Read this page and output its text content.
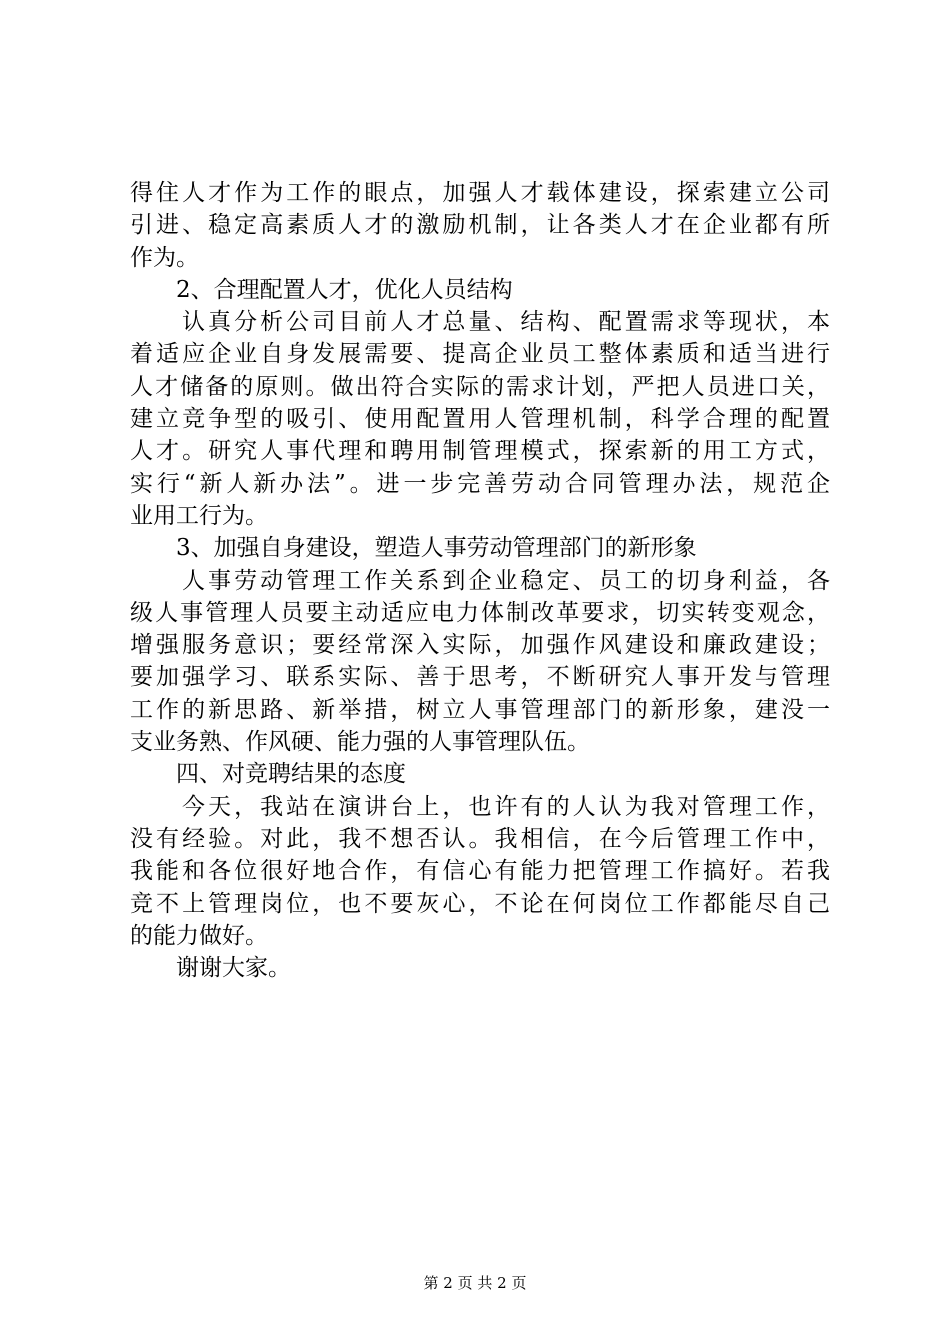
得住人才作为工作的眼点，加强人才载体建设，探索建立公司
引进、稳定高素质人才的激励机制，让各类人才在企业都有所
作为。
2、合理配置人才，优化人员结构
认真分析公司目前人才总量、结构、配置需求等现状，本
着适应企业自身发展需要、提高企业员工整体素质和适当进行
人才储备的原则。做出符合实际的需求计划，严把人员进口关，
建立竞争型的吸引、使用配置用人管理机制，科学合理的配置
人才。研究人事代理和聘用制管理模式，探索新的用工方式，
实行“新人新办法”。进一步完善劳动合同管理办法，规范企
业用工行为。
3、加强自身建设，塑造人事劳动管理部门的新形象
人事劳动管理工作关系到企业稳定、员工的切身利益，各
级人事管理人员要主动适应电力体制改革要求，切实转变观念，
增强服务意识；要经常深入实际，加强作风建设和廉政建设；
要加强学习、联系实际、善于思考，不断研究人事开发与管理
工作的新思路、新举措，树立人事管理部门的新形象，建没一
支业务熟、作风硬、能力强的人事管理队伍。
四、对竞聘结果的态度
今天，我站在演讲台上，也许有的人认为我对管理工作，
没有经验。对此，我不想否认。我相信，在今后管理工作中，
我能和各位很好地合作，有信心有能力把管理工作搞好。若我
竞不上管理岗位，也不要灰心，不论在何岗位工作都能尽自己
的能力做好。
谢谢大家。
第 2 页 共 2 页
